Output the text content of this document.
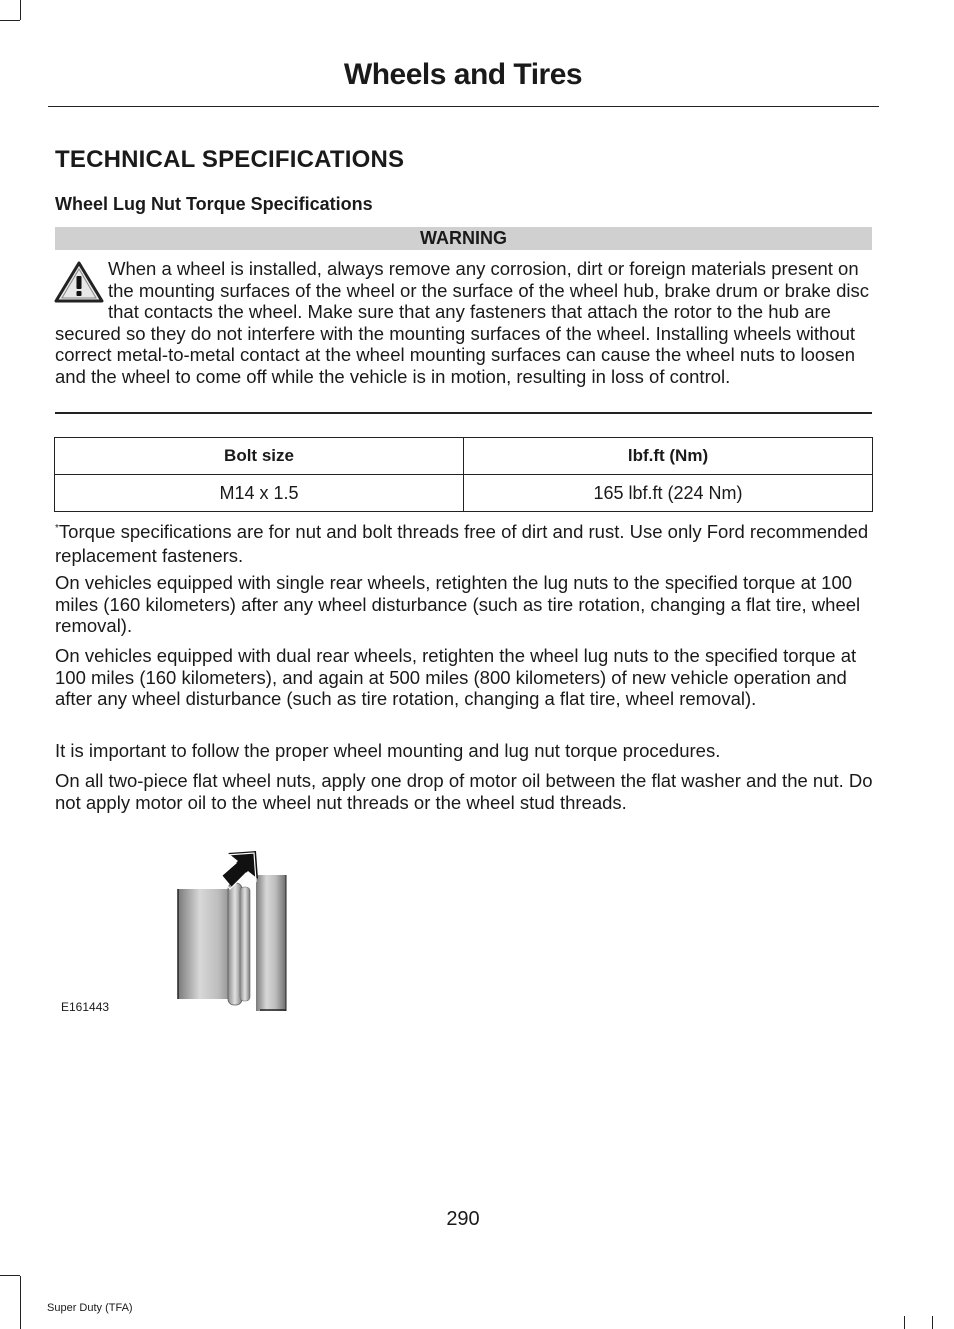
Wheels and Tires
TECHNICAL SPECIFICATIONS
Wheel Lug Nut Torque Specifications
WARNING
When a wheel is installed, always remove any corrosion, dirt or foreign materials present on the mounting surfaces of the wheel or the surface of the wheel hub, brake drum or brake disc that contacts the wheel. Make sure that any fasteners that attach the rotor to the hub are secured so they do not interfere with the mounting surfaces of the wheel. Installing wheels without correct metal-to-metal contact at the wheel mounting surfaces can cause the wheel nuts to loosen and the wheel to come off while the vehicle is in motion, resulting in loss of control.
Bolt size	lbf.ft (Nm)
M14 x 1.5	165 lbf.ft (224 Nm)
*Torque specifications are for nut and bolt threads free of dirt and rust. Use only Ford recommended replacement fasteners.
On vehicles equipped with single rear wheels, retighten the lug nuts to the specified torque at 100 miles (160 kilometers) after any wheel disturbance (such as tire rotation, changing a flat tire, wheel removal).
On vehicles equipped with dual rear wheels, retighten the wheel lug nuts to the specified torque at 100 miles (160 kilometers), and again at 500 miles (800 kilometers) of new vehicle operation and after any wheel disturbance (such as tire rotation, changing a flat tire, wheel removal).
It is important to follow the proper wheel mounting and lug nut torque procedures.
On all two-piece flat wheel nuts, apply one drop of motor oil between the flat washer and the nut. Do not apply motor oil to the wheel nut threads or the wheel stud threads.
E161443
290
Super Duty (TFA)
